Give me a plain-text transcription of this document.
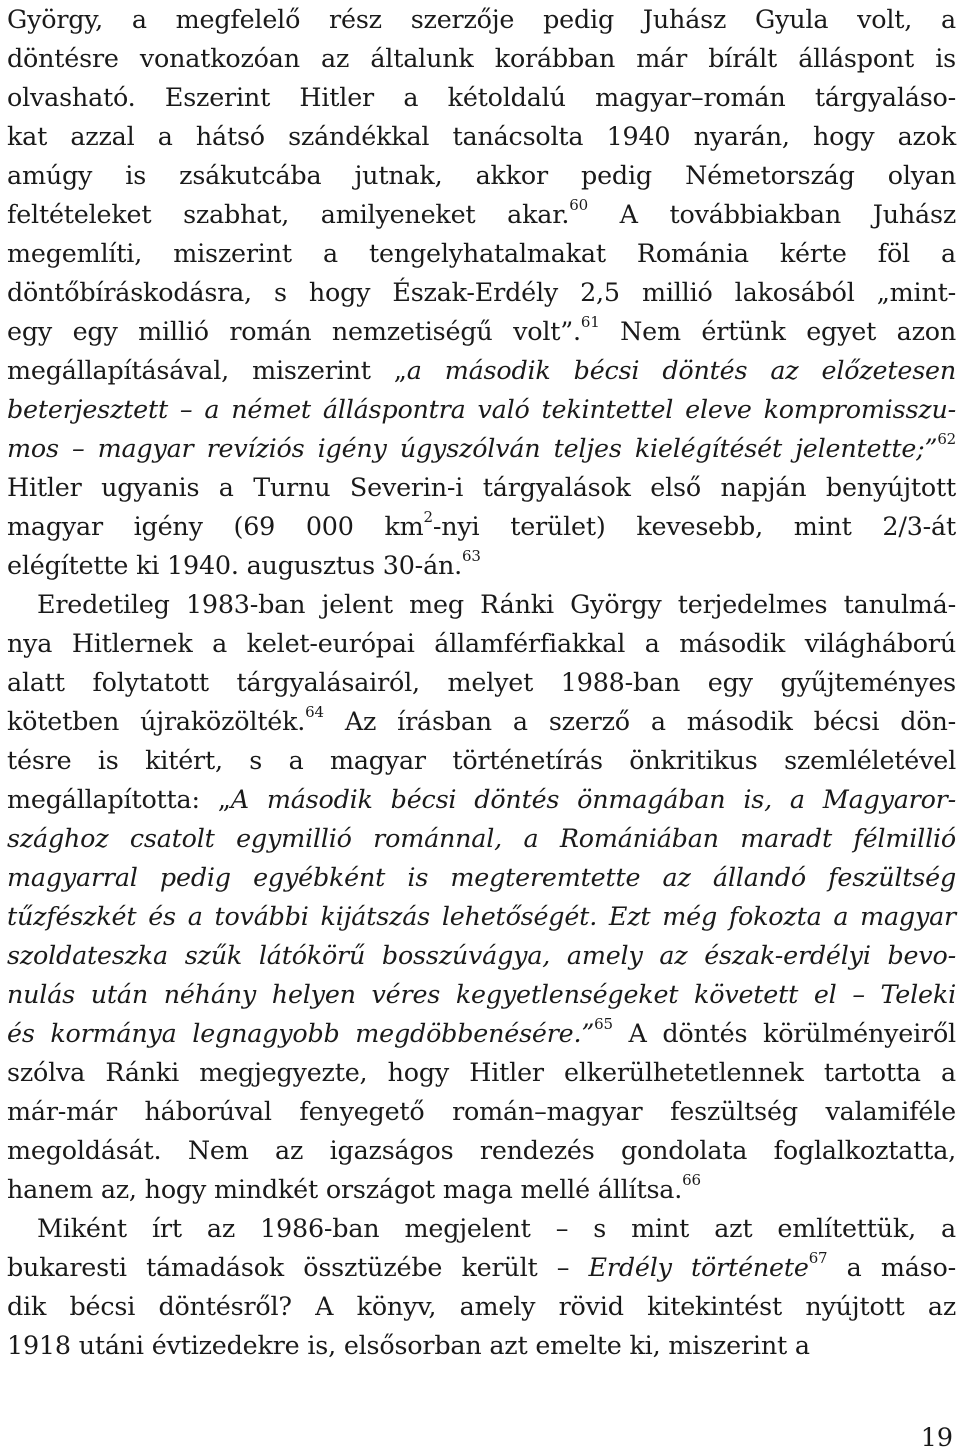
György, a megfelelő rész szerzője pedig Juhász Gyula volt, a
döntésre vonatkozóan az általunk korábban már bírált álláspont is
olvasható. Eszerint Hitler a kétoldalú magyar–román tárgyaláso-
kat azzal a hátsó szándékkal tanácsolta 1940 nyarán, hogy azok
amúgy is zsákutcába jutnak, akkor pedig Németország olyan
feltételeket szabhat, amilyeneket akar.$^{60}$ A továbbiakban Juhász
megemlíti, miszerint a tengelyhatalmakat Románia kérte föl a
döntőbíráskodásra, s hogy Észak-Erdély 2,5 millió lakosából „mint-
egy egy millió román nemzetiségű volt”.$^{61}$ Nem értünk egyet azon
megállapításával, miszerint „a második bécsi döntés az előzetesen
beterjesztett – a német álláspontra való tekintettel eleve kompromisszu-
mos – magyar revíziós igény úgyszólván teljes kielégítését jelentette;”$^{62}$
Hitler ugyanis a Turnu Severin-i tárgyalások első napján benyújtott
magyar igény (69 000 $km^2$-nyi terület) kevesebb, mint 2/3-át
elégítette ki 1940. augusztus 30-án.$^{63}$
Eredetileg 1983-ban jelent meg Ránki György terjedelmes tanulmá-
nya Hitlernek a kelet-európai államférfiakkal a második világháború
alatt folytatott tárgyalásairól, melyet 1988-ban egy gyűjteményes
kötetben újraközölték.$^{64}$ Az írásban a szerző a második bécsi dön-
tésre is kitért, s a magyar történetírás önkritikus szemléletével
megállapította: „A második bécsi döntés önmagában is, a Magyaror-
szághoz csatolt egymillió románnal, a Romániában maradt félmillió
magyarral pedig egyébként is megteremtette az állandó feszültség
tűzfészkét és a további kijátszás lehetőségét. Ezt még fokozta a magyar
szoldateszka szűk látókörű bosszúvágya, amely az észak-erdélyi bevo-
nulás után néhány helyen véres kegyetlenségeket követett el – Teleki
és kormánya legnagyobb megdöbbenésére.”$^{65}$ A döntés körülményeiről
szólva Ránki megjegyezte, hogy Hitler elkerülhetetlennek tartotta a
már-már háborúval fenyegető román–magyar feszültség valamiféle
megoldását. Nem az igazságos rendezés gondolata foglalkoztatta,
hanem az, hogy mindkét országot maga mellé állítsa.$^{66}$
Miként írt az 1986-ban megjelent – s mint azt említettük, a
bukaresti támadások össztüzébe került – Erdély története$^{67}$ a máso-
dik bécsi döntésről? A könyv, amely rövid kitekintést nyújtott az
1918 utáni évtizedekre is, elsősorban azt emelte ki, miszerint a
19
